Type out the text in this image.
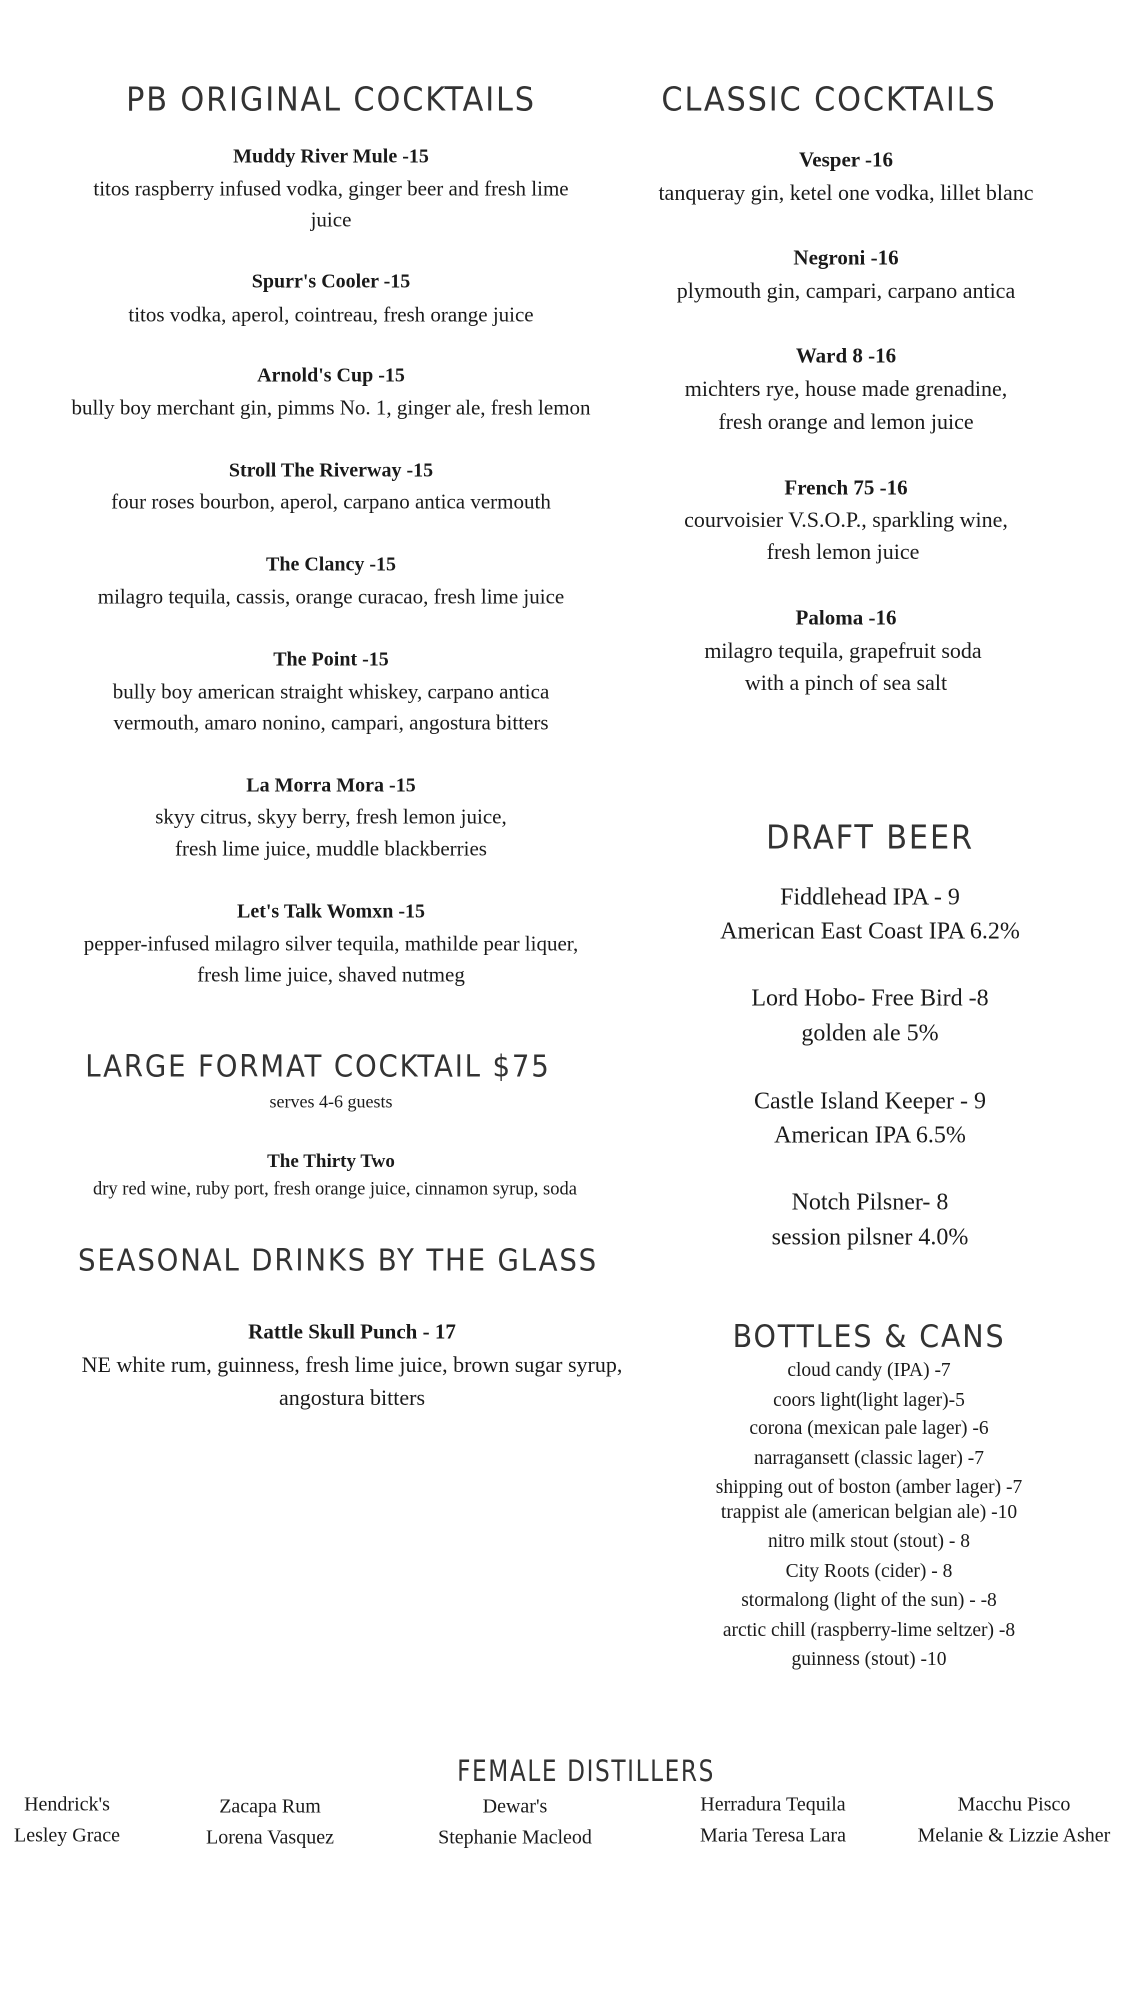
PB ORIGINAL COCKTAILS
Muddy River Mule -15
titos raspberry infused vodka, ginger beer and fresh lime
juice
Spurr's Cooler -15
titos vodka, aperol, cointreau, fresh orange juice
Arnold's Cup -15
bully boy merchant gin, pimms No. 1, ginger ale, fresh lemon
Stroll The Riverway -15
four roses bourbon, aperol, carpano antica vermouth
The Clancy -15
milagro tequila, cassis, orange curacao, fresh lime juice
The Point -15
bully boy american straight whiskey, carpano antica
vermouth, amaro nonino, campari, angostura bitters
La Morra Mora -15
skyy citrus, skyy berry, fresh lemon juice,
fresh lime juice, muddle blackberries
Let's Talk Womxn -15
pepper-infused milagro silver tequila, mathilde pear liquer,
fresh lime juice, shaved nutmeg
LARGE FORMAT COCKTAIL $75
serves 4-6 guests
The Thirty Two
dry red wine, ruby port, fresh orange juice, cinnamon syrup, soda
SEASONAL DRINKS BY THE GLASS
Rattle Skull Punch - 17
NE white rum, guinness, fresh lime juice, brown sugar syrup,
angostura bitters
CLASSIC COCKTAILS
Vesper -16
tanqueray gin, ketel one vodka, lillet blanc
Negroni -16
plymouth gin, campari, carpano antica
Ward 8 -16
michters rye, house made grenadine,
fresh orange and lemon juice
French 75 -16
courvoisier V.S.O.P., sparkling wine,
fresh lemon juice
Paloma -16
milagro tequila, grapefruit soda
with a pinch of sea salt
DRAFT BEER
Fiddlehead IPA - 9
American East Coast IPA 6.2%
Lord Hobo- Free Bird -8
golden ale 5%
Castle Island Keeper - 9
American IPA 6.5%
Notch Pilsner- 8
session pilsner 4.0%
BOTTLES & CANS
cloud candy (IPA) -7
coors light(light lager)-5
corona (mexican pale lager) -6
narragansett (classic lager) -7
shipping out of boston (amber lager) -7
trappist ale (american belgian ale) -10
nitro milk stout (stout) - 8
City Roots (cider) - 8
stormalong (light of the sun) - -8
arctic chill (raspberry-lime seltzer) -8
guinness (stout) -10
FEMALE DISTILLERS
Hendrick's
Lesley Grace
Zacapa Rum
Lorena Vasquez
Dewar's
Stephanie Macleod
Herradura Tequila
Maria Teresa Lara
Macchu Pisco
Melanie & Lizzie Asher
